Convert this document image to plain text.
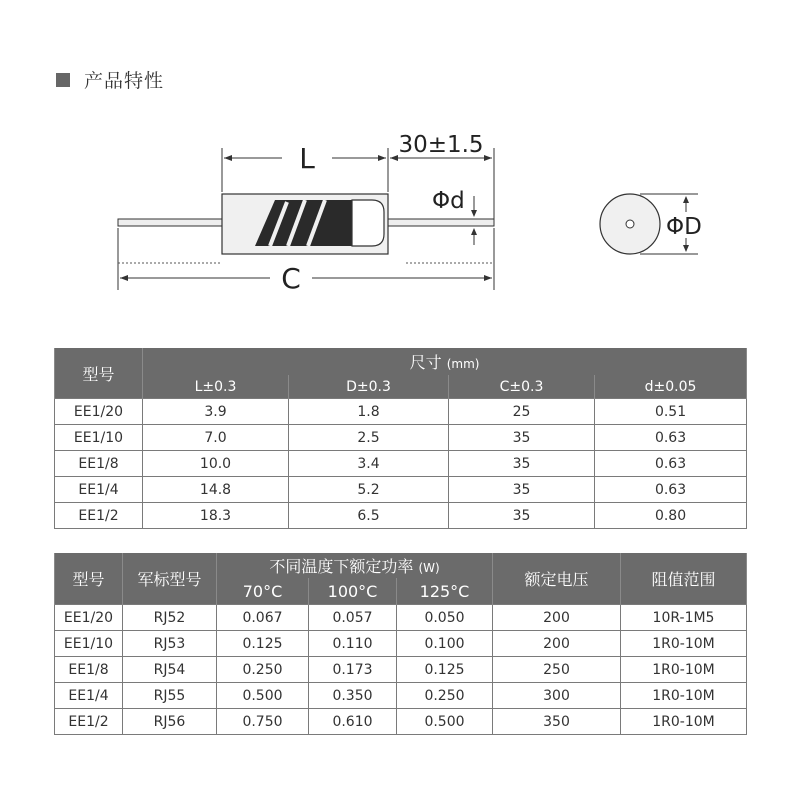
产品特性
L	30±1.5
Φd
C
ΦD
型号	尺寸 (mm)			
	L±0.3	D±0.3	C±0.3	d±0.05
EE1/20	3.9	1.8	25	0.51
EE1/10	7.0	2.5	35	0.63
EE1/8	10.0	3.4	35	0.63
EE1/4	14.8	5.2	35	0.63
EE1/2	18.3	6.5	35	0.80
型号	军标型号	不同温度下额定功率 (W)			额定电压	阻值范围
		70°C	100°C	125°C		
EE1/20	RJ52	0.067	0.057	0.050	200	10R-1M5
EE1/10	RJ53	0.125	0.110	0.100	200	1R0-10M
EE1/8	RJ54	0.250	0.173	0.125	250	1R0-10M
EE1/4	RJ55	0.500	0.350	0.250	300	1R0-10M
EE1/2	RJ56	0.750	0.610	0.500	350	1R0-10M
